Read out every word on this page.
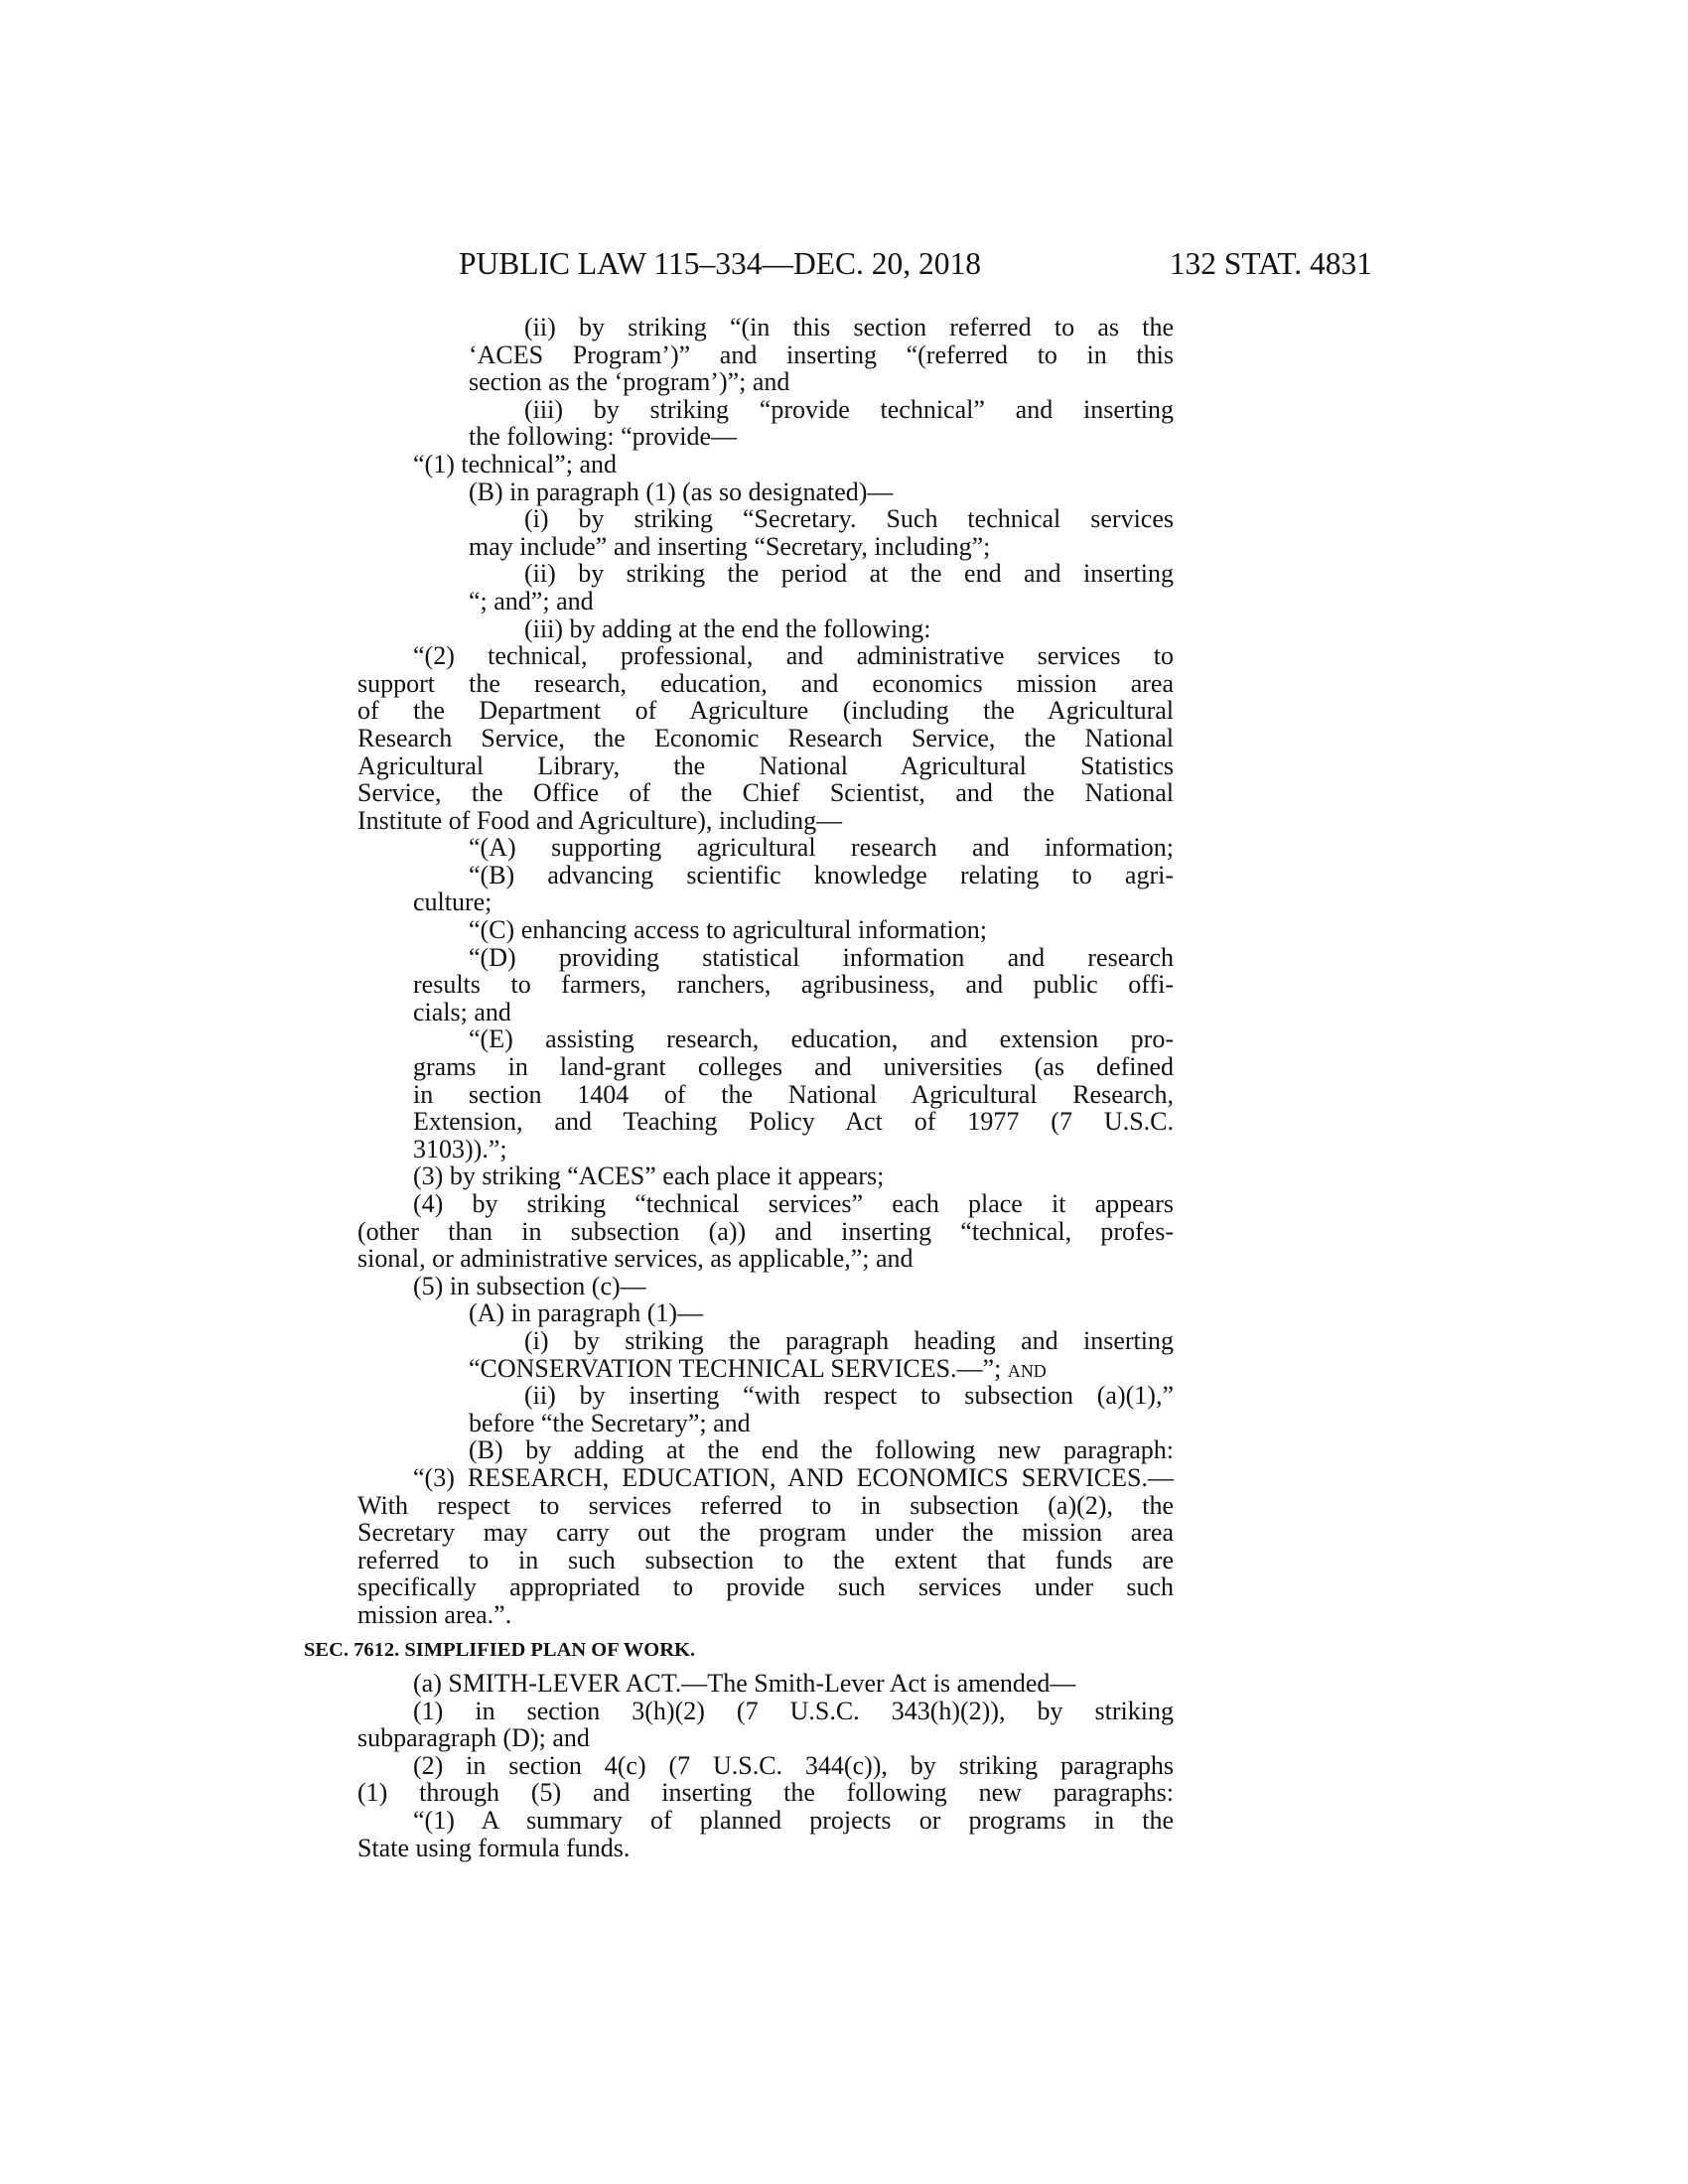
PUBLIC LAW 115–334—DEC. 20, 2018	132 STAT. 4831
(ii) by striking “(in this section referred to as the
‘ACES Program’)” and inserting “(referred to in this
section as the ‘program’)”; and
(iii) by striking “provide technical” and inserting
the following: “provide—
“(1) technical”; and
(B) in paragraph (1) (as so designated)—
(i) by striking “Secretary. Such technical services
may include” and inserting “Secretary, including”;
(ii) by striking the period at the end and inserting
“; and”; and
(iii) by adding at the end the following:
“(2) technical, professional, and administrative services to
support the research, education, and economics mission area
of the Department of Agriculture (including the Agricultural
Research Service, the Economic Research Service, the National
Agricultural Library, the National Agricultural Statistics
Service, the Office of the Chief Scientist, and the National
Institute of Food and Agriculture), including—
“(A) supporting agricultural research and information;
“(B) advancing scientific knowledge relating to agri-
culture;
“(C) enhancing access to agricultural information;
“(D) providing statistical information and research
results to farmers, ranchers, agribusiness, and public offi-
cials; and
“(E) assisting research, education, and extension pro-
grams in land-grant colleges and universities (as defined
in section 1404 of the National Agricultural Research,
Extension, and Teaching Policy Act of 1977 (7 U.S.C.
3103)).”;
(3) by striking “ACES” each place it appears;
(4) by striking “technical services” each place it appears
(other than in subsection (a)) and inserting “technical, profes-
sional, or administrative services, as applicable,”; and
(5) in subsection (c)—
(A) in paragraph (1)—
(i) by striking the paragraph heading and inserting
“CONSERVATION TECHNICAL SERVICES.—”; and
(ii) by inserting “with respect to subsection (a)(1),”
before “the Secretary”; and
(B) by adding at the end the following new paragraph:
“(3) RESEARCH, EDUCATION, AND ECONOMICS SERVICES.—
With respect to services referred to in subsection (a)(2), the
Secretary may carry out the program under the mission area
referred to in such subsection to the extent that funds are
specifically appropriated to provide such services under such
mission area.”.
SEC. 7612. SIMPLIFIED PLAN OF WORK.
(a) SMITH-LEVER ACT.—The Smith-Lever Act is amended—
(1) in section 3(h)(2) (7 U.S.C. 343(h)(2)), by striking
subparagraph (D); and
(2) in section 4(c) (7 U.S.C. 344(c)), by striking paragraphs
(1) through (5) and inserting the following new paragraphs:
“(1) A summary of planned projects or programs in the
State using formula funds.
